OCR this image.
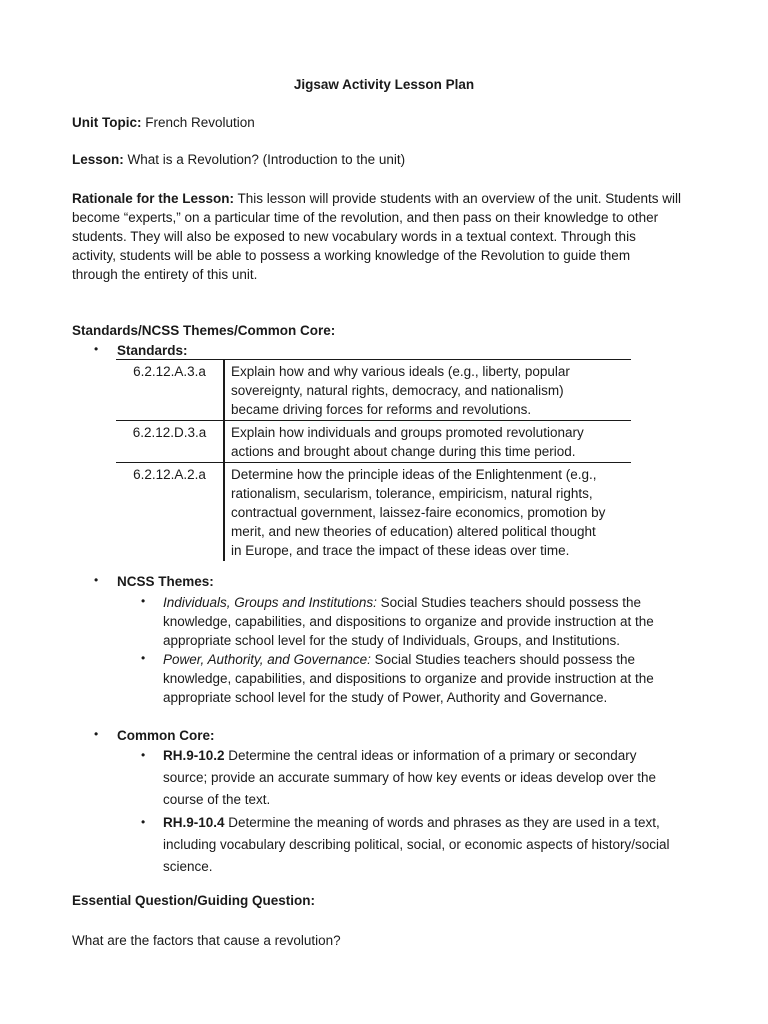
Jigsaw Activity Lesson Plan
Unit Topic: French Revolution
Lesson: What is a Revolution? (Introduction to the unit)
Rationale for the Lesson: This lesson will provide students with an overview of the unit. Students will
become “experts,” on a particular time of the revolution, and then pass on their knowledge to other
students. They will also be exposed to new vocabulary words in a textual context. Through this
activity, students will be able to possess a working knowledge of the Revolution to guide them
through the entirety of this unit.
Standards/NCSS Themes/Common Core:
• Standards:
6.2.12.A.3.a	Explain how and why various ideals (e.g., liberty, popular
sovereignty, natural rights, democracy, and nationalism)
became driving forces for reforms and revolutions.

6.2.12.D.3.a	Explain how individuals and groups promoted revolutionary
actions and brought about change during this time period.

6.2.12.A.2.a	Determine how the principle ideas of the Enlightenment (e.g.,
rationalism, secularism, tolerance, empiricism, natural rights,
contractual government, laissez-faire economics, promotion by
merit, and new theories of education) altered political thought
in Europe, and trace the impact of these ideas over time.
• NCSS Themes:
• Individuals, Groups and Institutions: Social Studies teachers should possess the
knowledge, capabilities, and dispositions to organize and provide instruction at the
appropriate school level for the study of Individuals, Groups, and Institutions.
• Power, Authority, and Governance: Social Studies teachers should possess the
knowledge, capabilities, and dispositions to organize and provide instruction at the
appropriate school level for the study of Power, Authority and Governance.
• Common Core:
• RH.9-10.2 Determine the central ideas or information of a primary or secondary
source; provide an accurate summary of how key events or ideas develop over the
course of the text.
• RH.9-10.4 Determine the meaning of words and phrases as they are used in a text,
including vocabulary describing political, social, or economic aspects of history/social
science.
Essential Question/Guiding Question:
What are the factors that cause a revolution?
